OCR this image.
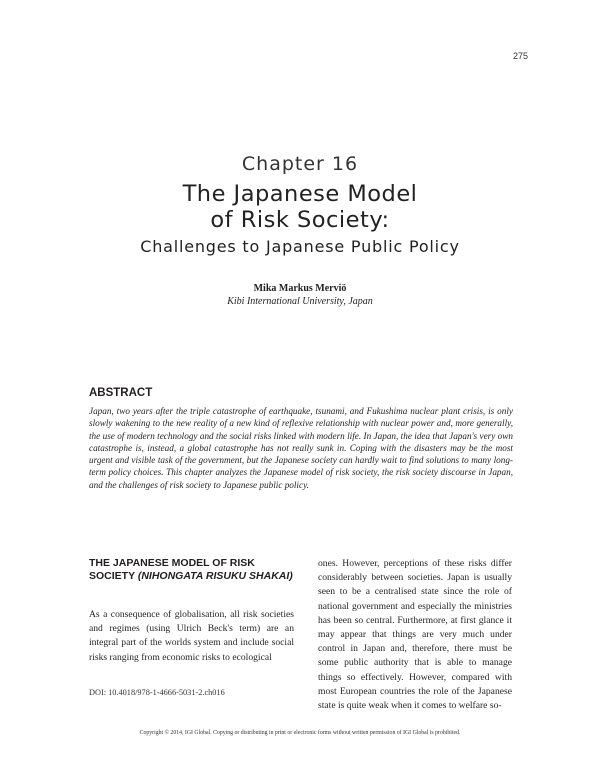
275
Chapter 16
The Japanese Model
of Risk Society:
Challenges to Japanese Public Policy
Mika Markus Merviö
Kibi International University, Japan
ABSTRACT
Japan, two years after the triple catastrophe of earthquake, tsunami, and Fukushima nuclear plant crisis, is only slowly wakening to the new reality of a new kind of reflexive relationship with nuclear power and, more generally, the use of modern technology and the social risks linked with modern life. In Japan, the idea that Japan's very own catastrophe is, instead, a global catastrophe has not really sunk in. Coping with the disasters may be the most urgent and visible task of the government, but the Japanese society can hardly wait to find solutions to many long-term policy choices. This chapter analyzes the Japanese model of risk society, the risk society discourse in Japan, and the challenges of risk society to Japanese public policy.
THE JAPANESE MODEL OF RISK SOCIETY (NIHONGATA RISUKU SHAKAI)
As a consequence of globalisation, all risk societies and regimes (using Ulrich Beck's term) are an integral part of the worlds system and include social risks ranging from economic risks to ecological
ones. However, perceptions of these risks differ considerably between societies. Japan is usually seen to be a centralised state since the role of national government and especially the ministries has been so central. Furthermore, at first glance it may appear that things are very much under control in Japan and, therefore, there must be some public authority that is able to manage things so effectively. However, compared with most European countries the role of the Japanese state is quite weak when it comes to welfare so-
DOI: 10.4018/978-1-4666-5031-2.ch016
Copyright © 2014, IGI Global. Copying or distributing in print or electronic forms without written permission of IGI Global is prohibited.
